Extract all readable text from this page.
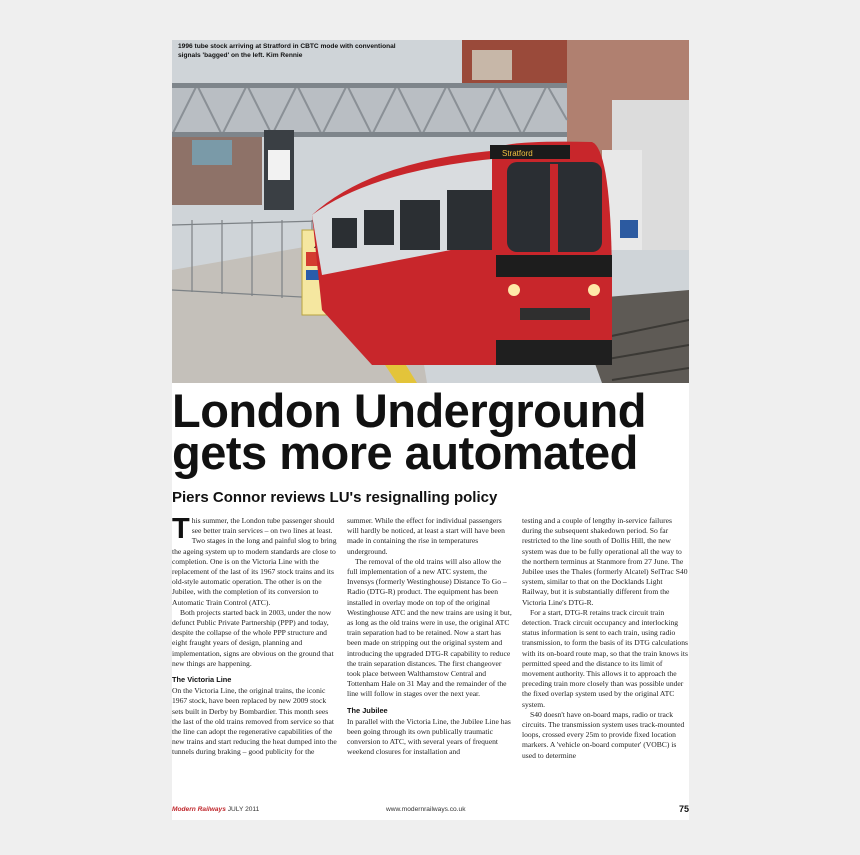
Stratford
1996 tube stock arriving at Stratford in CBTC mode with conventional signals 'bagged' on the left. Kim Rennie
London Underground gets more automated
Piers Connor reviews LU's resignalling policy

This summer, the London tube passenger should see better train services – on two lines at least. Two stages in the long and painful slog to bring the ageing system up to modern standards are close to completion. One is on the Victoria Line with the replacement of the last of its 1967 stock trains and its old-style automatic operation. The other is on the Jubilee, with the completion of its conversion to Automatic Train Control (ATC).

Both projects started back in 2003, under the now defunct Public Private Partnership (PPP) and today, despite the collapse of the whole PPP structure and eight fraught years of design, planning and implementation, signs are obvious on the ground that new things are happening.

The Victoria Line

On the Victoria Line, the original trains, the iconic 1967 stock, have been replaced by new 2009 stock sets built in Derby by Bombardier. This month sees the last of the old trains removed from service so that the line can adopt the regenerative capabilities of the new trains and start reducing the heat dumped into the tunnels during braking – good publicity for the

summer. While the effect for individual passengers will hardly be noticed, at least a start will have been made in containing the rise in temperatures underground.

The removal of the old trains will also allow the full implementation of a new ATC system, the Invensys (formerly Westinghouse) Distance To Go – Radio (DTG-R) product. The equipment has been installed in overlay mode on top of the original Westinghouse ATC and the new trains are using it but, as long as the old trains were in use, the original ATC train separation had to be retained. Now a start has been made on stripping out the original system and introducing the upgraded DTG-R capability to reduce the train separation distances. The first changeover took place between Walthamstow Central and Tottenham Hale on 31 May and the remainder of the line will follow in stages over the next year.

The Jubilee

In parallel with the Victoria Line, the Jubilee Line has been going through its own publically traumatic conversion to ATC, with several years of frequent weekend closures for installation and

testing and a couple of lengthy in-service failures during the subsequent shakedown period. So far restricted to the line south of Dollis Hill, the new system was due to be fully operational all the way to the northern terminus at Stanmore from 27 June. The Jubilee uses the Thales (formerly Alcatel) SelTrac S40 system, similar to that on the Docklands Light Railway, but it is substantially different from the Victoria Line's DTG-R.

For a start, DTG-R retains track circuit train detection. Track circuit occupancy and interlocking status information is sent to each train, using radio transmission, to form the basis of its DTG calculations with its on-board route map, so that the train knows its permitted speed and the distance to its limit of movement authority. This allows it to approach the preceding train more closely than was possible under the fixed overlap system used by the original ATC system.

S40 doesn't have on-board maps, radio or track circuits. The transmission system uses track-mounted loops, crossed every 25m to provide fixed location markers. A 'vehicle on-board computer' (VOBC) is used to determine

Modern Railways JULY 2011	www.modernrailways.co.uk	75
